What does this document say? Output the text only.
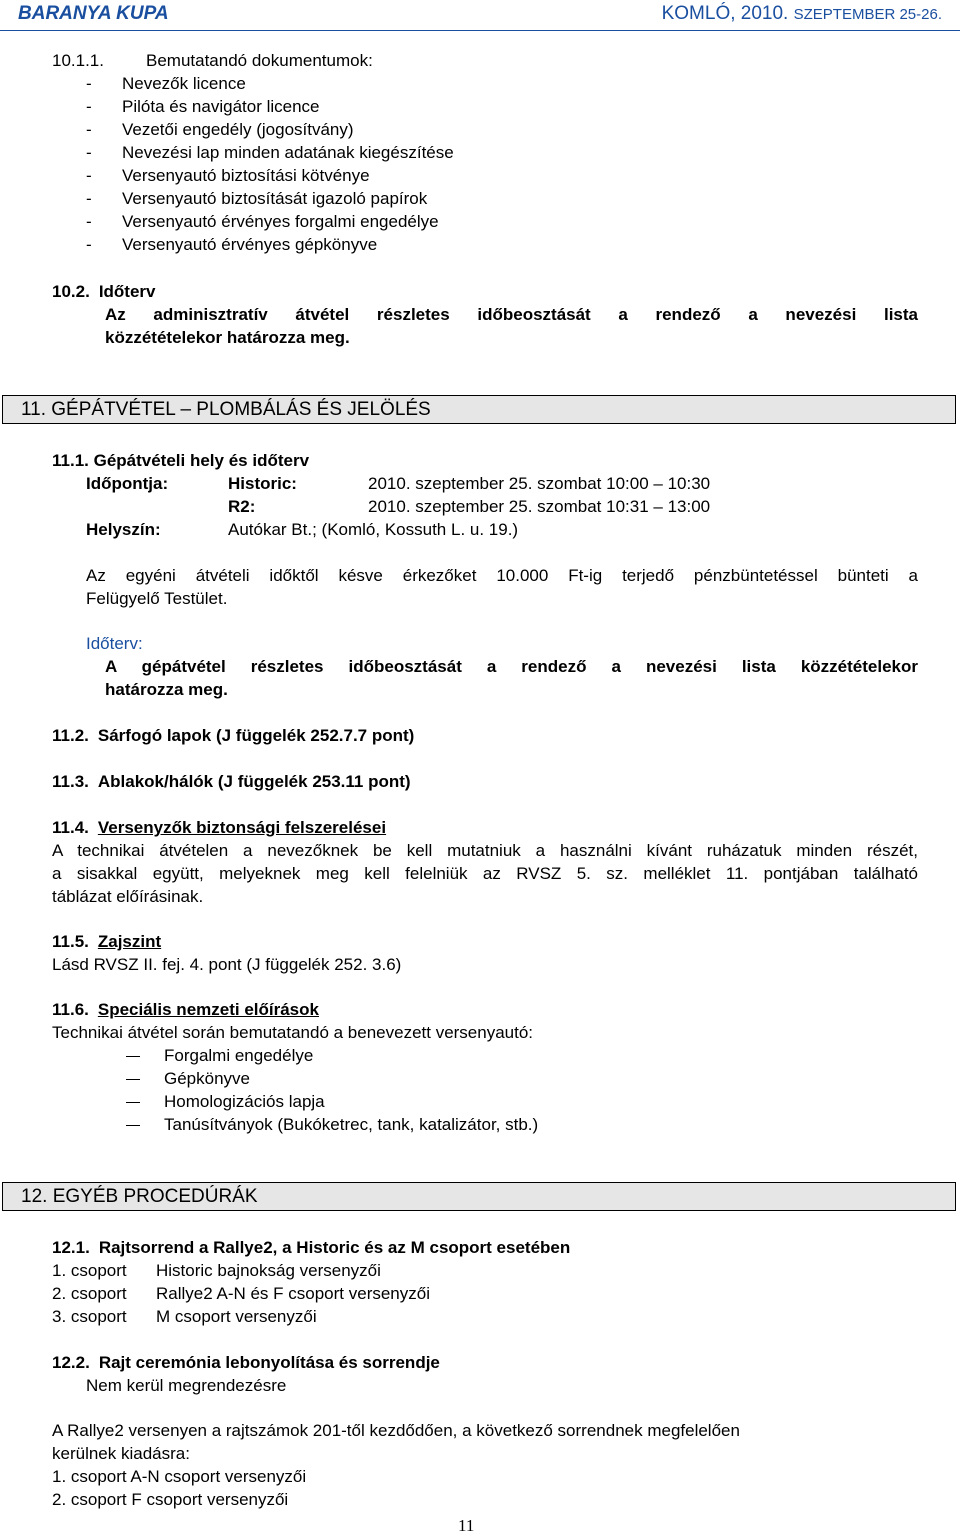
BARANYA KUPA	KOMLÓ, 2010. SZEPTEMBER 25-26.
10.1.1. Bemutatandó dokumentumok:
- Nevezők licence
- Pilóta és navigátor licence
- Vezetői engedély (jogosítvány)
- Nevezési lap minden adatának kiegészítése
- Versenyautó biztosítási kötvénye
- Versenyautó biztosítását igazoló papírok
- Versenyautó érvényes forgalmi engedélye
- Versenyautó érvényes gépkönyve
10.2. Időterv
Az adminisztratív átvétel részletes időbeosztását a rendező a nevezési lista
közzétételekor határozza meg.
11. GÉPÁTVÉTEL – PLOMBÁLÁS ÉS JELÖLÉS
11.1. Gépátvételi hely és időterv
Időpontja:	Historic:	2010. szeptember 25. szombat 10:00 – 10:30
R2:	2010. szeptember 25. szombat 10:31 – 13:00
Helyszín:	Autókar Bt.; (Komló, Kossuth L. u. 19.)
Az egyéni átvételi időktől késve érkezőket 10.000 Ft-ig terjedő pénzbüntetéssel bünteti a
Felügyelő Testület.
Időterv:
A gépátvétel részletes időbeosztását a rendező a nevezési lista közzétételekor
határozza meg.
11.2. Sárfogó lapok (J függelék 252.7.7 pont)
11.3. Ablakok/hálók (J függelék 253.11 pont)
11.4. Versenyzők biztonsági felszerelései
A technikai átvételen a nevezőknek be kell mutatniuk a használni kívánt ruházatuk minden részét,
a sisakkal együtt, melyeknek meg kell felelniük az RVSZ 5. sz. melléklet 11. pontjában található
táblázat előírásinak.
11.5. Zajszint
Lásd RVSZ II. fej. 4. pont (J függelék 252. 3.6)
11.6. Speciális nemzeti előírások
Technikai átvétel során bemutatandó a benevezett versenyautó:
Forgalmi engedélye
Gépkönyve
Homologizációs lapja
Tanúsítványok (Bukóketrec, tank, katalizátor, stb.)
12. EGYÉB PROCEDÚRÁK
12.1. Rajtsorrend a Rallye2, a Historic és az M csoport esetében
1. csoport Historic bajnokság versenyzői
2. csoport Rallye2 A-N és F csoport versenyzői
3. csoport M csoport versenyzői
12.2. Rajt ceremónia lebonyolítása és sorrendje
Nem kerül megrendezésre
A Rallye2 versenyen a rajtszámok 201-től kezdődően, a következő sorrendnek megfelelően
kerülnek kiadásra:
1. csoport A-N csoport versenyzői
2. csoport F csoport versenyzői
11
